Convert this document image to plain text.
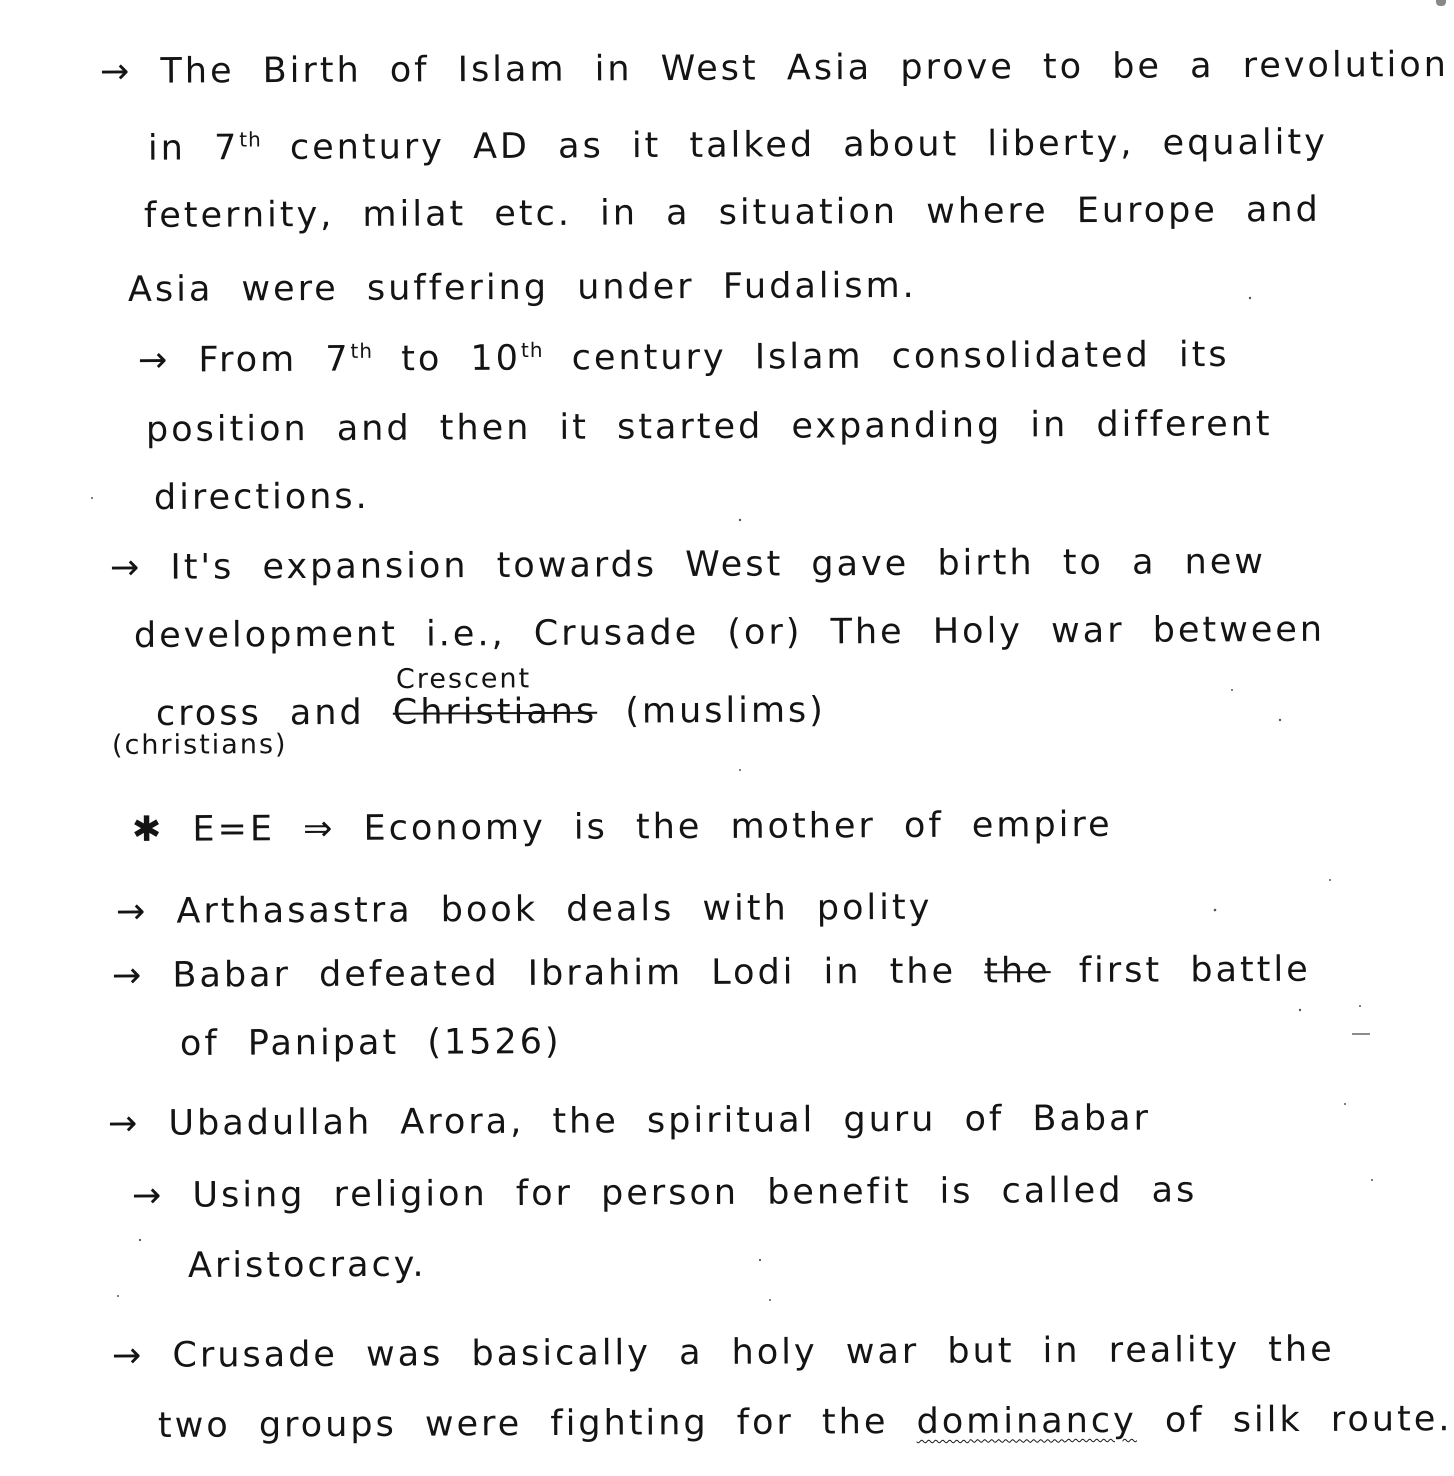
→ The Birth of Islam in West Asia prove to be a revolution
in 7th century AD as it talked about liberty, equality
feternity, milat etc. in a situation where Europe and
Asia were suffering under Fudalism.
→ From 7th to 10th century Islam consolidated its
position and then it started expanding in different
directions.
→ It's expansion towards West gave birth to a new
development i.e., Crusade (or) The Holy war between
Crescent
cross and Christians (muslims)
(christians)
✱ E=E ⇒ Economy is the mother of empire
→ Arthasastra book deals with polity
→ Babar defeated Ibrahim Lodi in the the first battle
of Panipat (1526)
→ Ubadullah Arora, the spiritual guru of Babar
→ Using religion for person benefit is called as
Aristocracy.
→ Crusade was basically a holy war but in reality the
two groups were fighting for the dominancy of silk route.
